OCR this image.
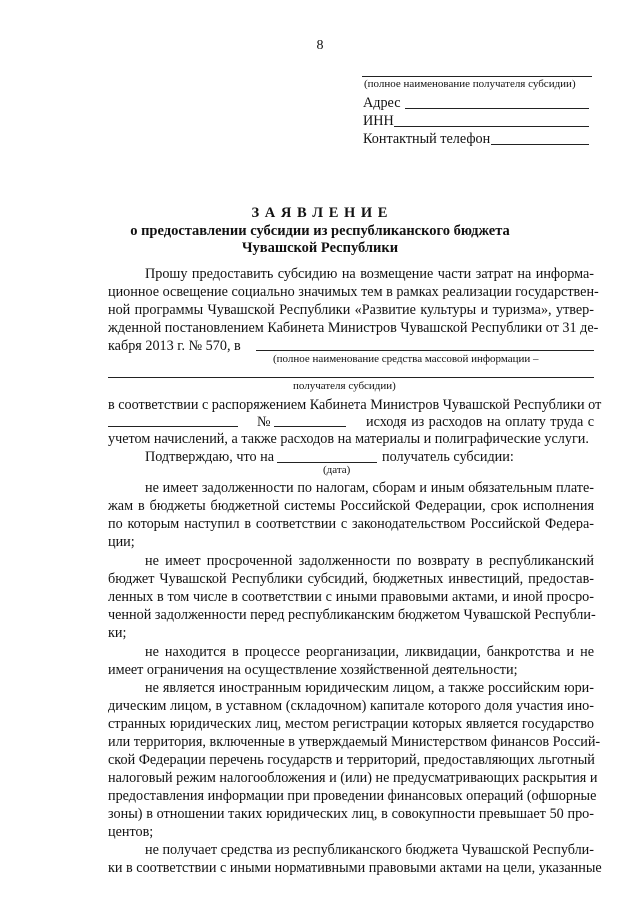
8
(полное наименование получателя субсидии)
Адрес
ИНН
Контактный телефон
З А Я В Л Е Н И Е
о предоставлении субсидии из республиканского бюджета
Чувашской Республики
Прошу предоставить субсидию на возмещение части затрат на информа-
ционное освещение социально значимых тем в рамках реализации государствен-
ной программы Чувашской Республики «Развитие культуры и туризма», утвер-
жденной постановлением Кабинета Министров Чувашской Республики от 31 де-
кабря 2013 г. № 570, в
(полное наименование средства массовой информации –
получателя субсидии)
в соответствии с распоряжением Кабинета Министров Чувашской Республики от
№	исходя из расходов на оплату труда с
учетом начислений, а также расходов на материалы и полиграфические услуги.
Подтверждаю, что на	получатель субсидии:
(дата)
не имеет задолженности по налогам, сборам и иным обязательным плате-
жам в бюджеты бюджетной системы Российской Федерации, срок исполнения
по которым наступил в соответствии с законодательством Российской Федера-
ции;
не имеет просроченной задолженности по возврату в республиканский
бюджет Чувашской Республики субсидий, бюджетных инвестиций, предостав-
ленных в том числе в соответствии с иными правовыми актами, и иной просро-
ченной задолженности перед республиканским бюджетом Чувашской Республи-
ки;
не находится в процессе реорганизации, ликвидации, банкротства и не
имеет ограничения на осуществление хозяйственной деятельности;
не является иностранным юридическим лицом, а также российским юри-
дическим лицом, в уставном (складочном) капитале которого доля участия ино-
странных юридических лиц, местом регистрации которых является государство
или территория, включенные в утверждаемый Министерством финансов Россий-
ской Федерации перечень государств и территорий, предоставляющих льготный
налоговый режим налогообложения и (или) не предусматривающих раскрытия и
предоставления информации при проведении финансовых операций (офшорные
зоны) в отношении таких юридических лиц, в совокупности превышает 50 про-
центов;
не получает средства из республиканского бюджета Чувашской Республи-
ки в соответствии с иными нормативными правовыми актами на цели, указанные
